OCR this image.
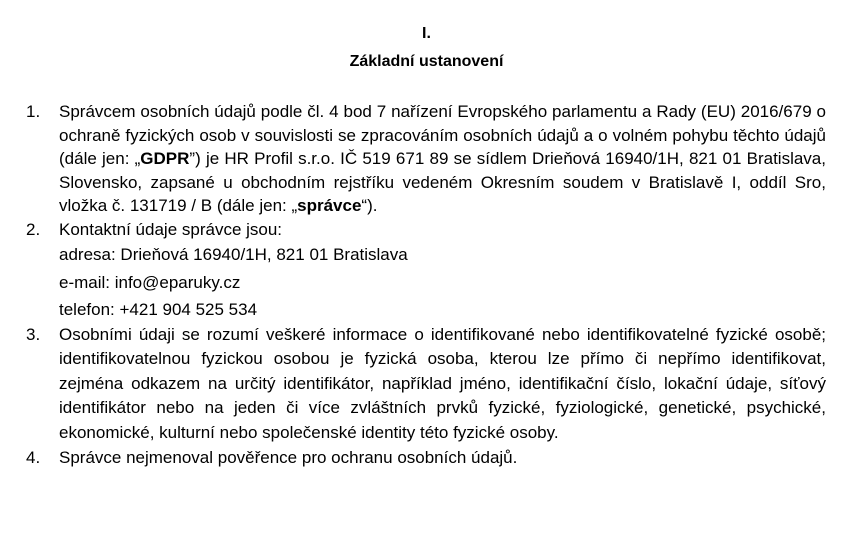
I.
Základní ustanovení
1. Správcem osobních údajů podle čl. 4 bod 7 nařízení Evropského parlamentu a Rady (EU) 2016/679 o ochraně fyzických osob v souvislosti se zpracováním osobních údajů a o volném pohybu těchto údajů (dále jen: „GDPR”) je HR Profil s.r.o. IČ 519 671 89 se sídlem Drieňová 16940/1H, 821 01 Bratislava, Slovensko, zapsané u obchodním rejstříku vedeném Okresním soudem v Bratislavě I, oddíl Sro, vložka č. 131719 / B (dále jen: „správce“).
2. Kontaktní údaje správce jsou:
adresa: Drieňová 16940/1H, 821 01 Bratislava
e-mail: info@eparuky.cz
telefon: +421 904 525 534
3. Osobními údaji se rozumí veškeré informace o identifikované nebo identifikovatelné fyzické osobě; identifikovatelnou fyzickou osobou je fyzická osoba, kterou lze přímo či nepřímo identifikovat, zejména odkazem na určitý identifikátor, například jméno, identifikační číslo, lokační údaje, síťový identifikátor nebo na jeden či více zvláštních prvků fyzické, fyziologické, genetické, psychické, ekonomické, kulturní nebo společenské identity této fyzické osoby.
4. Správce nejmenoval pověřence pro ochranu osobních údajů.
